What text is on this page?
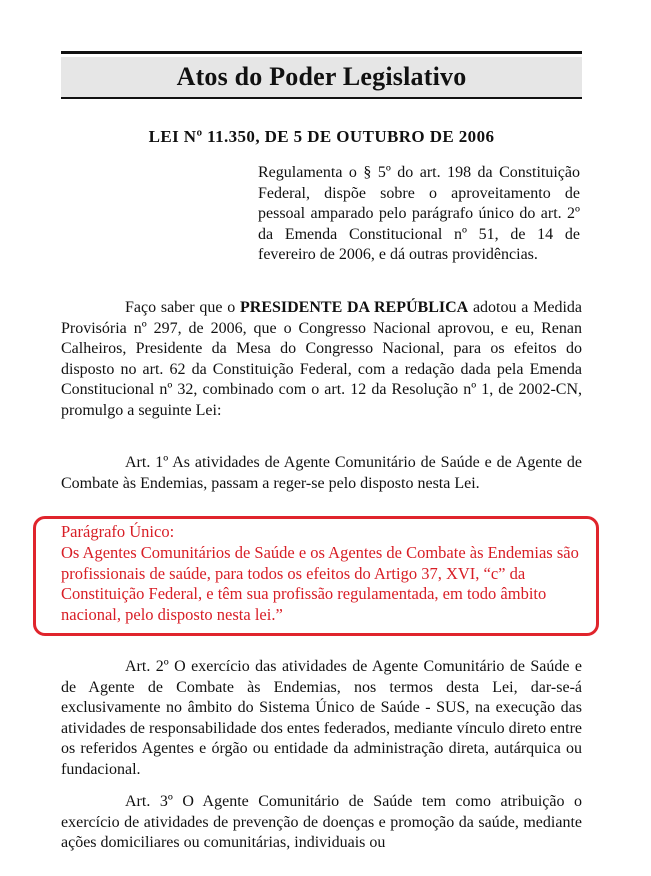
Atos do Poder Legislativo
LEI Nº 11.350, DE 5 DE OUTUBRO DE 2006
Regulamenta o § 5º do art. 198 da Constituição Federal, dispõe sobre o aproveitamento de pessoal amparado pelo parágrafo único do art. 2º da Emenda Constitucional nº 51, de 14 de fevereiro de 2006, e dá outras providências.
Faço saber que o PRESIDENTE DA REPÚBLICA adotou a Medida Provisória nº 297, de 2006, que o Congresso Nacional aprovou, e eu, Renan Calheiros, Presidente da Mesa do Congresso Nacional, para os efeitos do disposto no art. 62 da Constituição Federal, com a redação dada pela Emenda Constitucional nº 32, combinado com o art. 12 da Resolução nº 1, de 2002-CN, promulgo a seguinte Lei:
Art. 1º As atividades de Agente Comunitário de Saúde e de Agente de Combate às Endemias, passam a reger-se pelo disposto nesta Lei.
Parágrafo Único:
Os Agentes Comunitários de Saúde e os Agentes de Combate às Endemias são profissionais de saúde, para todos os efeitos do Artigo 37, XVI, “c” da Constituição Federal, e têm sua profissão regulamentada, em todo âmbito nacional, pelo disposto nesta lei.”
Art. 2º O exercício das atividades de Agente Comunitário de Saúde e de Agente de Combate às Endemias, nos termos desta Lei, dar-se-á exclusivamente no âmbito do Sistema Único de Saúde - SUS, na execução das atividades de responsabilidade dos entes federados, mediante vínculo direto entre os referidos Agentes e órgão ou entidade da administração direta, autárquica ou fundacional.
Art. 3º O Agente Comunitário de Saúde tem como atribuição o exercício de atividades de prevenção de doenças e promoção da saúde, mediante ações domiciliares ou comunitárias, individuais ou
